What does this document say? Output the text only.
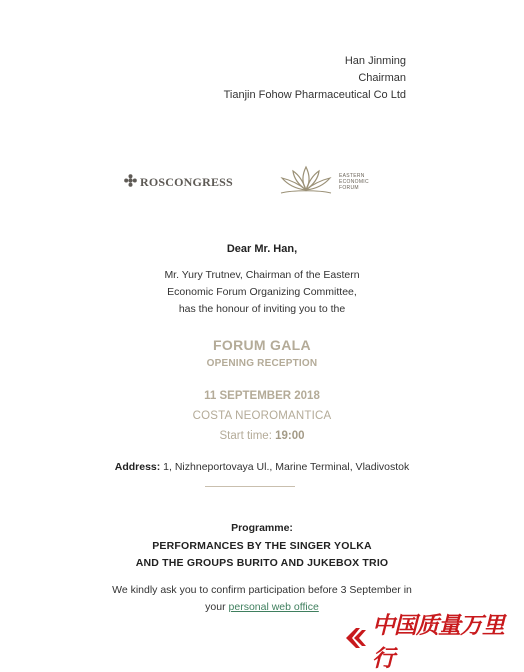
Han Jinming
Chairman
Tianjin Fohow Pharmaceutical Co Ltd
ROSCONGRESS	EASTERN
ECONOMIC
FORUM
Dear Mr. Han,
Mr. Yury Trutnev, Chairman of the Eastern
Economic Forum Organizing Committee,
has the honour of inviting you to the
FORUM GALA
OPENING RECEPTION
11 SEPTEMBER 2018
COSTA NEOROMANTICA
Start time: 19:00
Address: 1, Nizhneportovaya Ul., Marine Terminal, Vladivostok
Programme:
PERFORMANCES BY THE SINGER YOLKA
AND THE GROUPS BURITO AND JUKEBOX TRIO
We kindly ask you to confirm participation before 3 September in
your personal web office
中国质量万里行
